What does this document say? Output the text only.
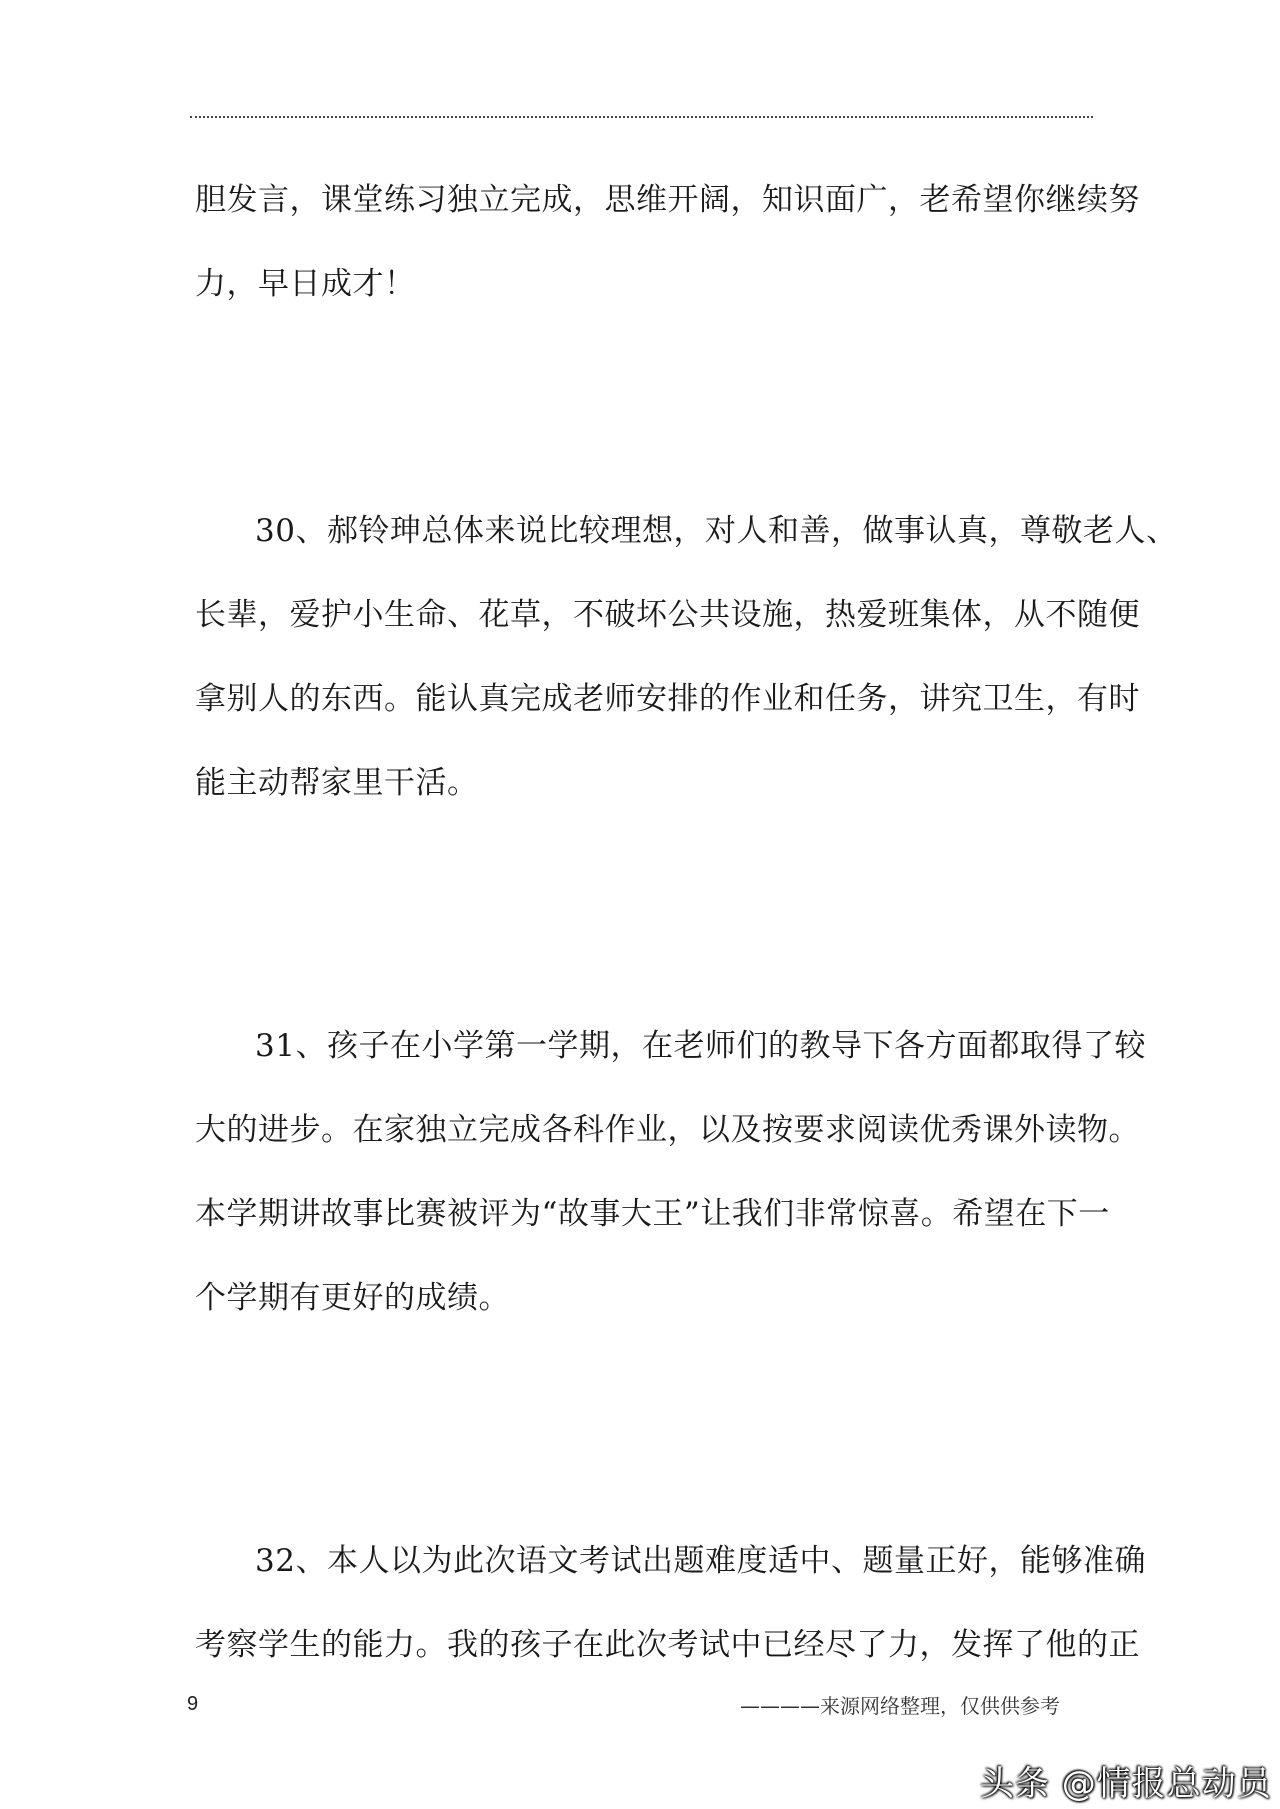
胆发言，课堂练习独立完成，思维开阔，知识面广，老希望你继续努
力，早日成才！

30、郝铃珅总体来说比较理想，对人和善，做事认真，尊敬老人、
长辈，爱护小生命、花草，不破坏公共设施，热爱班集体，从不随便
拿别人的东西。能认真完成老师安排的作业和任务，讲究卫生，有时
能主动帮家里干活。

31、孩子在小学第一学期，在老师们的教导下各方面都取得了较
大的进步。在家独立完成各科作业，以及按要求阅读优秀课外读物。
本学期讲故事比赛被评为“故事大王”让我们非常惊喜。希望在下一
个学期有更好的成绩。

32、本人以为此次语文考试出题难度适中、题量正好，能够准确
考察学生的能力。我的孩子在此次考试中已经尽了力，发挥了他的正

9	————来源网络整理，仅供供参考
头条 @情报总动员
